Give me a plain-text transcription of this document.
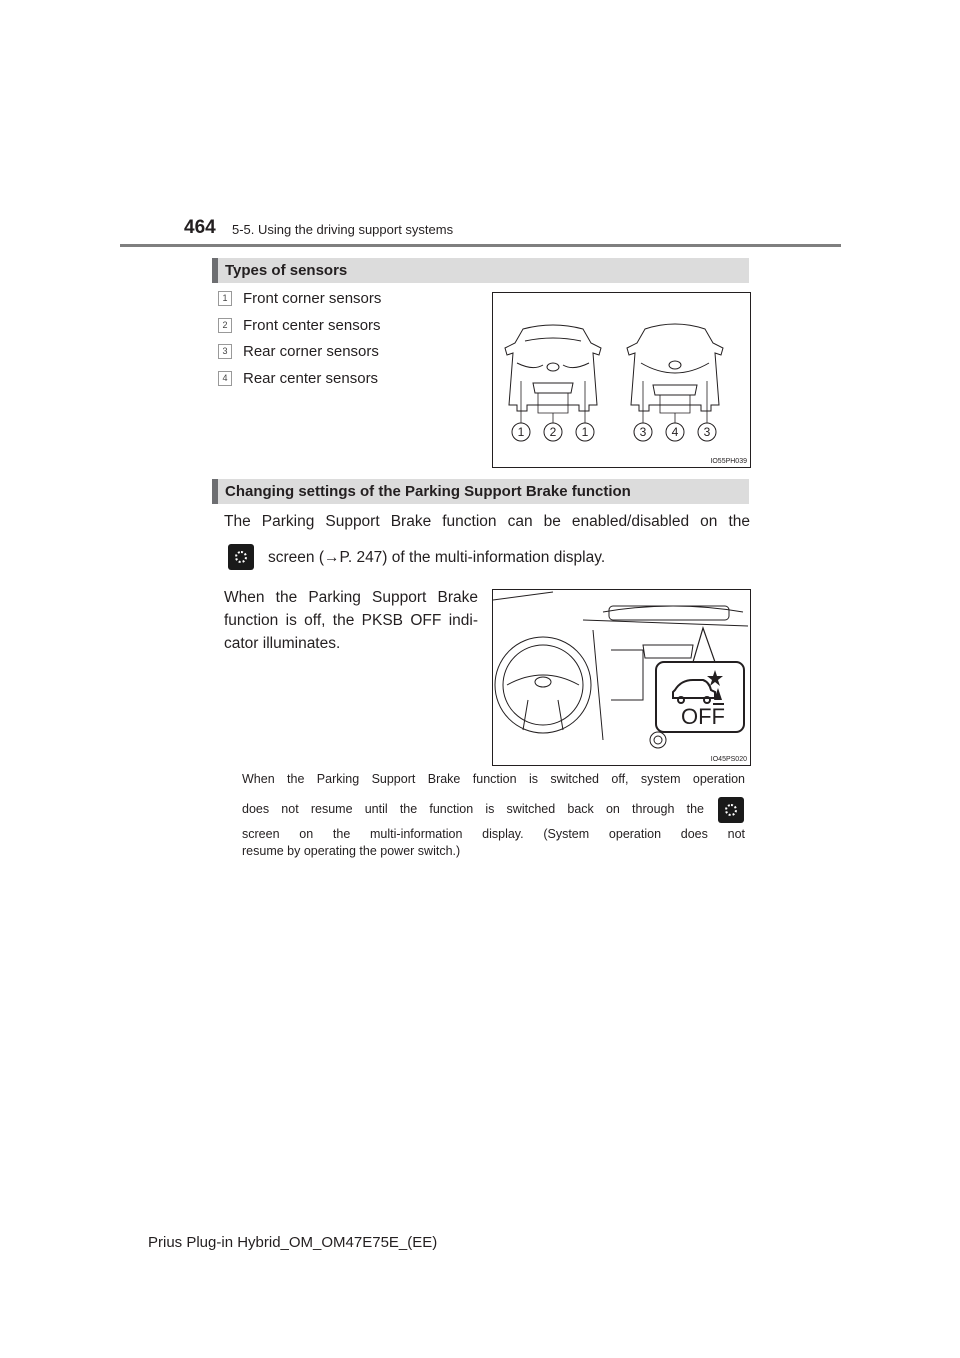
464 5-5. Using the driving support systems
Types of sensors
1 Front corner sensors
2 Front center sensors
3 Rear corner sensors
4 Rear center sensors
1 2 1	3 4 3
IO55PH039
Changing settings of the Parking Support Brake function
The Parking Support Brake function can be enabled/disabled on the
screen (→P. 247) of the multi-information display.
When the Parking Support Brake
function is off, the PKSB OFF indi-
cator illuminates.
OFF
IO45PS020
When the Parking Support Brake function is switched off, system operation
does not resume until the function is switched back on through the
screen on the multi-information display. (System operation does not
resume by operating the power switch.)
Prius Plug-in Hybrid_OM_OM47E75E_(EE)
